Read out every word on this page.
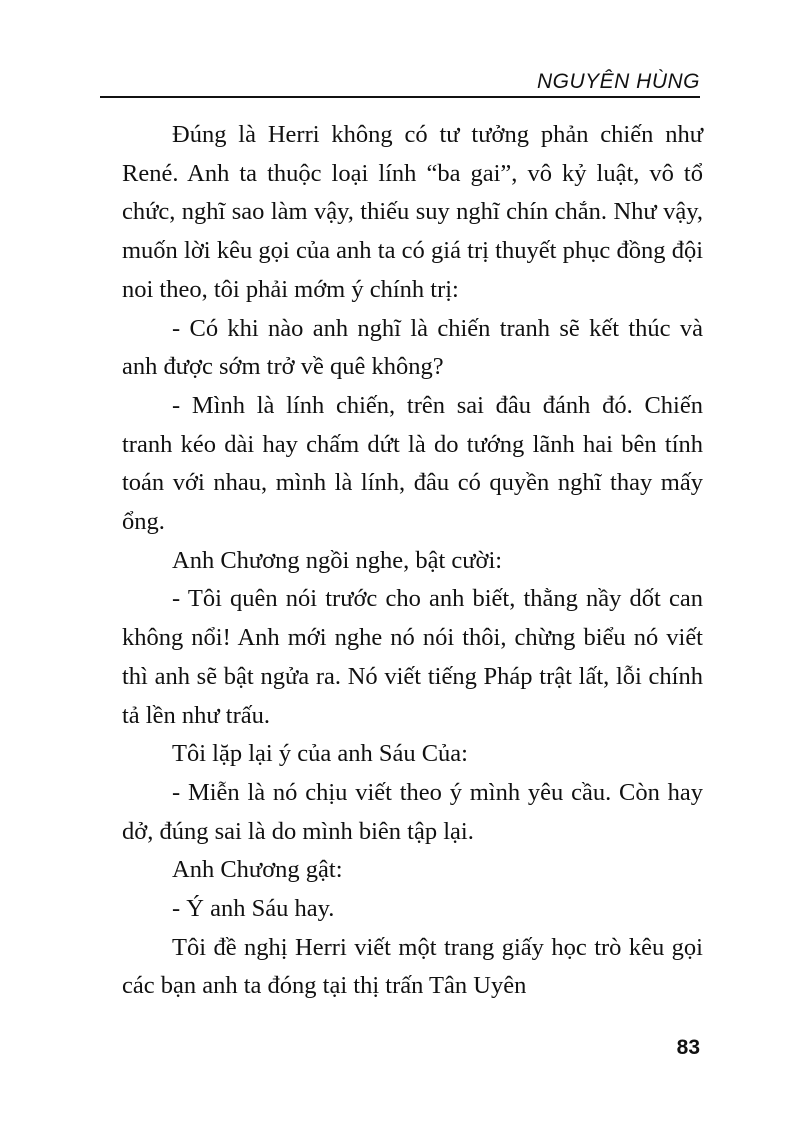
NGUYÊN HÙNG

Đúng là Herri không có tư tưởng phản chiến như René. Anh ta thuộc loại lính “ba gai”, vô kỷ luật, vô tổ chức, nghĩ sao làm vậy, thiếu suy nghĩ chín chắn. Như vậy, muốn lời kêu gọi của anh ta có giá trị thuyết phục đồng đội noi theo, tôi phải mớm ý chính trị:

- Có khi nào anh nghĩ là chiến tranh sẽ kết thúc và anh được sớm trở về quê không?

- Mình là lính chiến, trên sai đâu đánh đó. Chiến tranh kéo dài hay chấm dứt là do tướng lãnh hai bên tính toán với nhau, mình là lính, đâu có quyền nghĩ thay mấy ổng.

Anh Chương ngồi nghe, bật cười:

- Tôi quên nói trước cho anh biết, thằng nầy dốt can không nổi! Anh mới nghe nó nói thôi, chừng biểu nó viết thì anh sẽ bật ngửa ra. Nó viết tiếng Pháp trật lất, lỗi chính tả lền như trấu.

Tôi lặp lại ý của anh Sáu Của:

- Miễn là nó chịu viết theo ý mình yêu cầu. Còn hay dở, đúng sai là do mình biên tập lại.

Anh Chương gật:

- Ý anh Sáu hay.

Tôi đề nghị Herri viết một trang giấy học trò kêu gọi các bạn anh ta đóng tại thị trấn Tân Uyên

83
